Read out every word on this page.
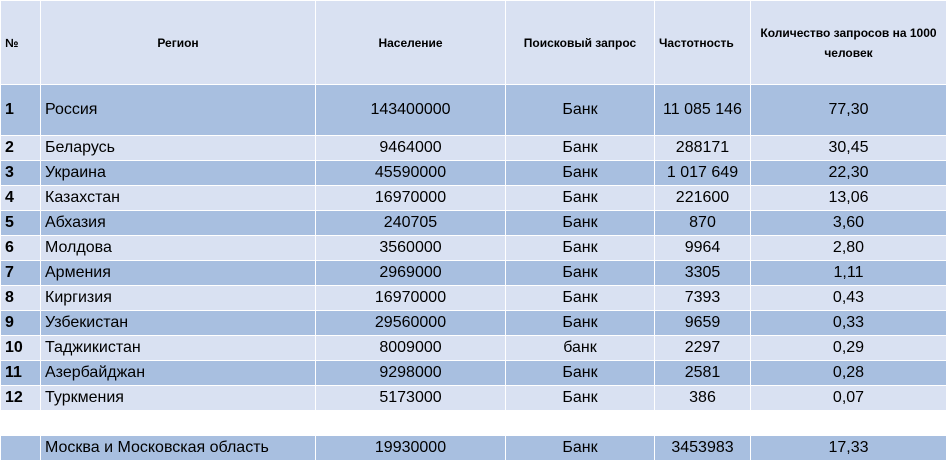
№	Регион	Население	Поисковый запрос	Частотность	Количество запросов на 1000 человек
1	Россия	143400000	Банк	11 085 146	77,30
2	Беларусь	9464000	Банк	288171	30,45
3	Украина	45590000	Банк	1 017 649	22,30
4	Казахстан	16970000	Банк	221600	13,06
5	Абхазия	240705	Банк	870	3,60
6	Молдова	3560000	Банк	9964	2,80
7	Армения	2969000	Банк	3305	1,11
8	Киргизия	16970000	Банк	7393	0,43
9	Узбекистан	29560000	Банк	9659	0,33
10	Таджикистан	8009000	банк	2297	0,29
11	Азербайджан	9298000	Банк	2581	0,28
12	Туркмения	5173000	Банк	386	0,07

	Москва и Московская область	19930000	Банк	3453983	17,33
